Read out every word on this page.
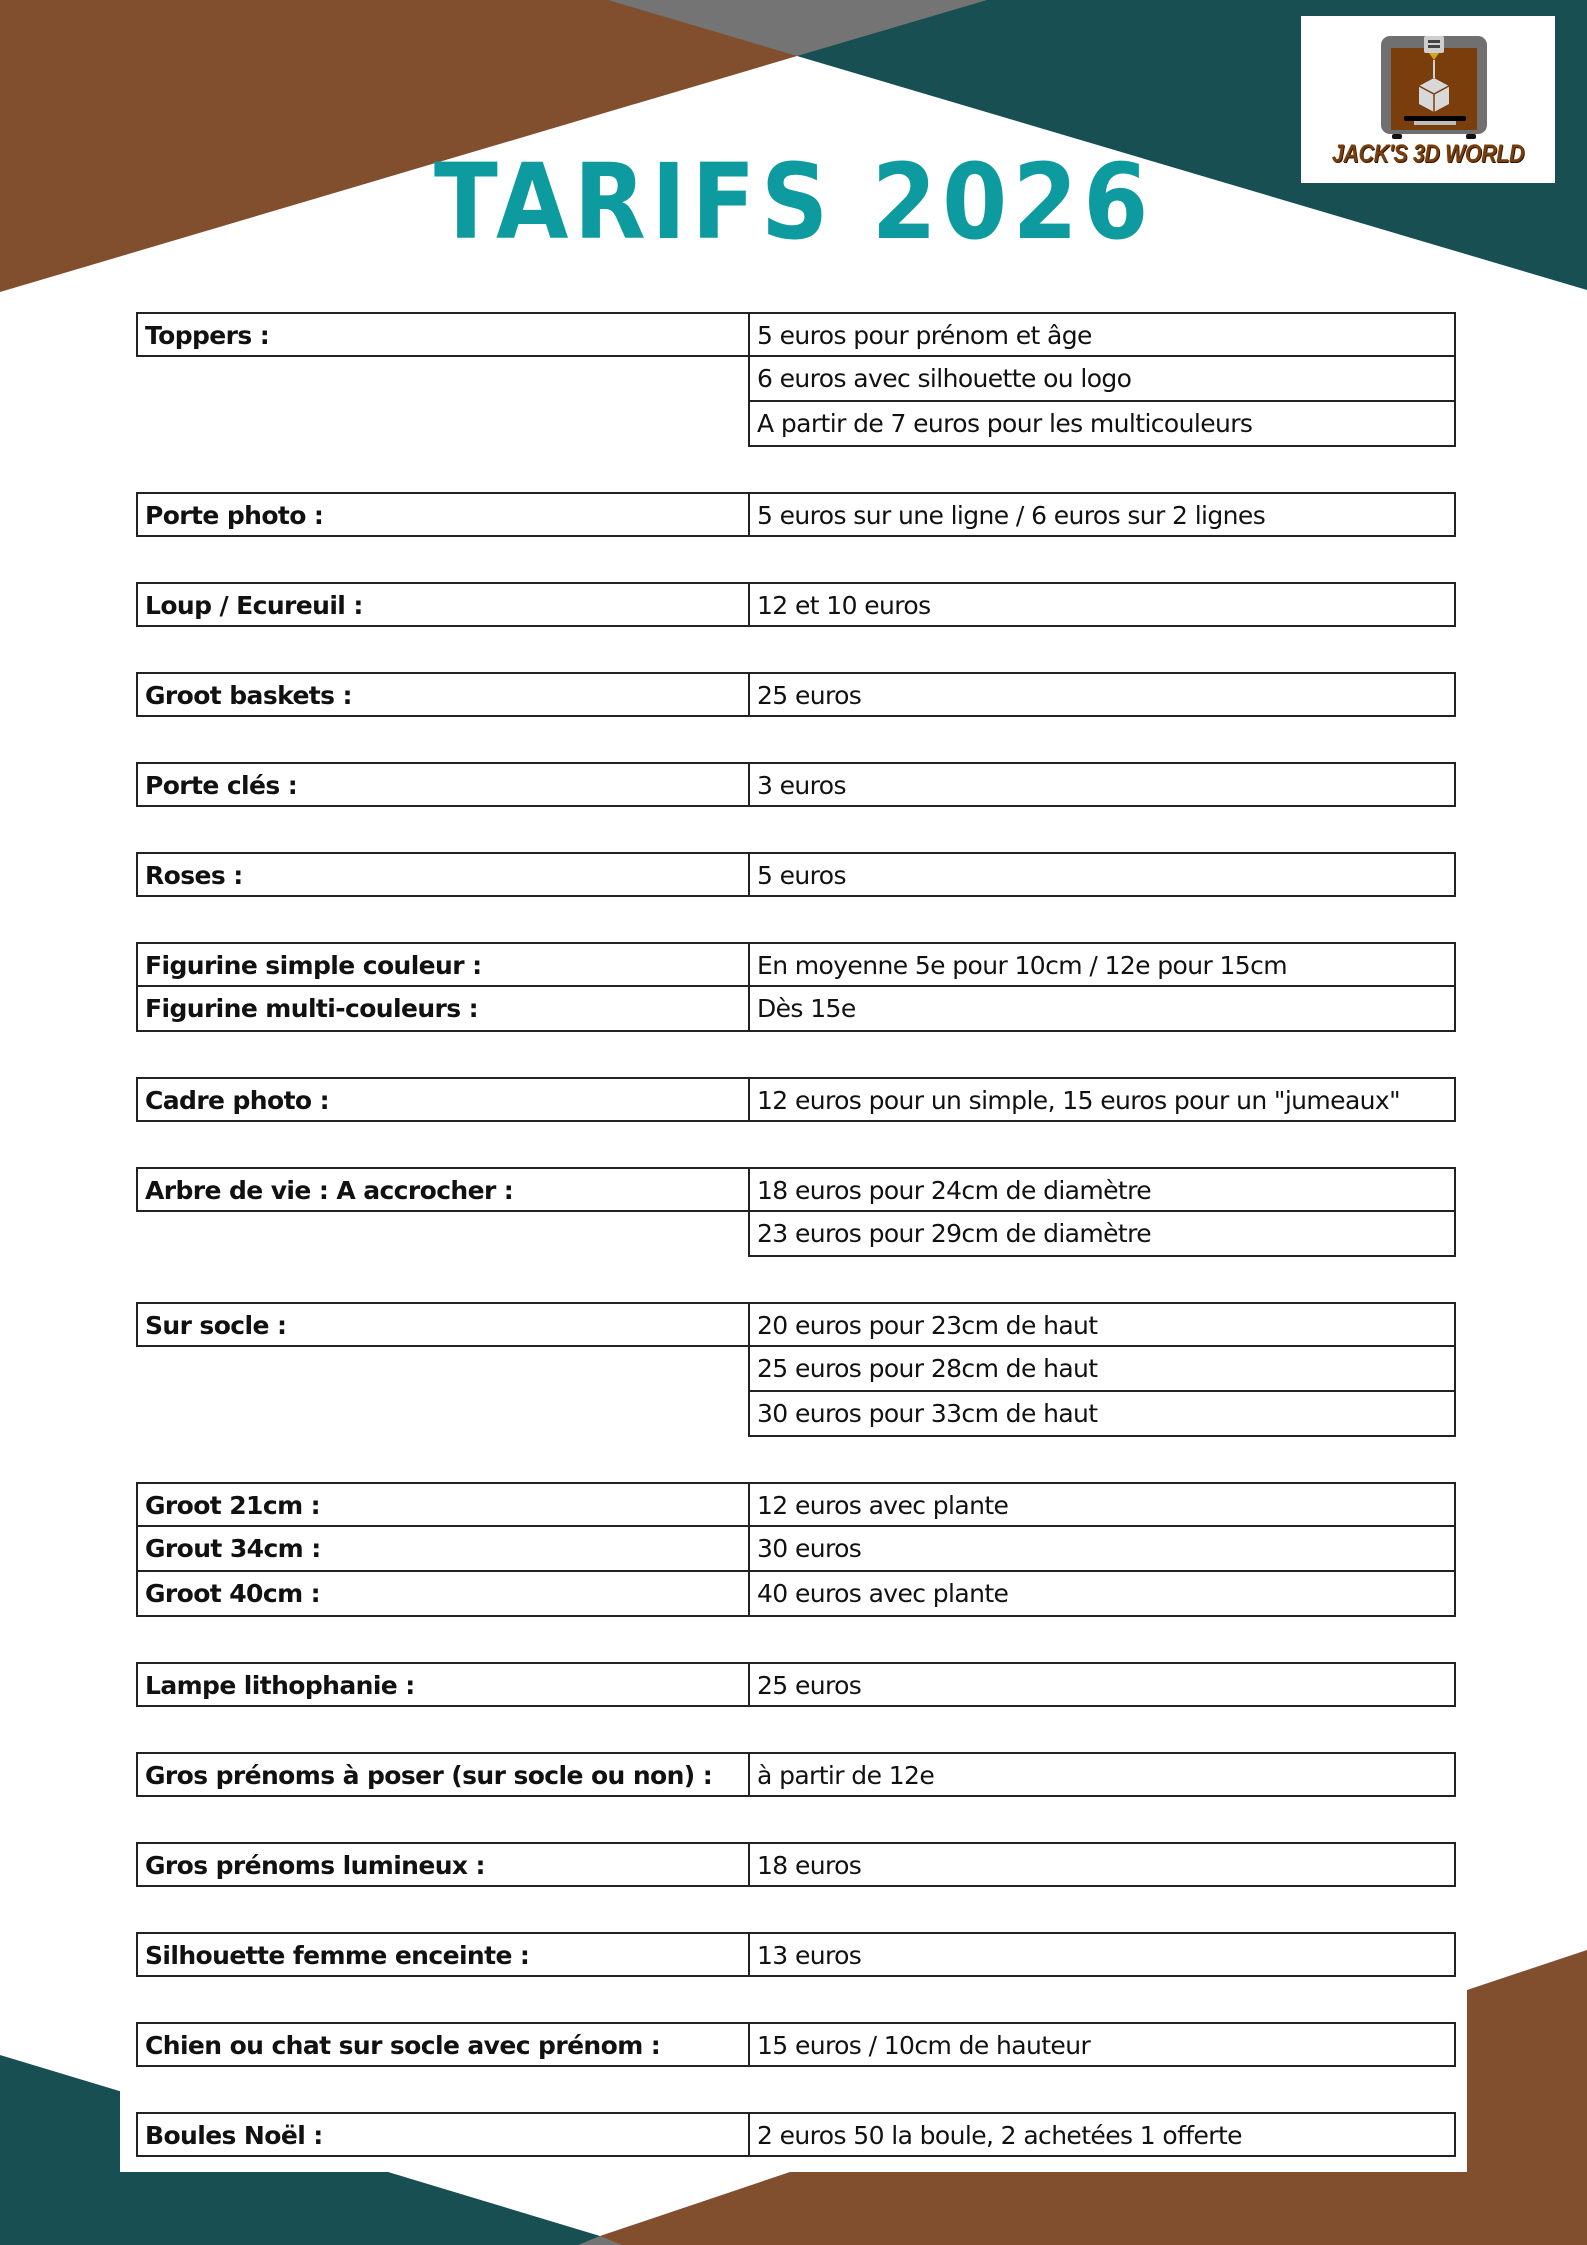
JACK'S 3D WORLD
TARIFS 2026
Toppers :	5 euros pour prénom et âge
6 euros avec silhouette ou logo
A partir de 7 euros pour les multicouleurs
Porte photo :	5 euros sur une ligne / 6 euros sur 2 lignes
Loup / Ecureuil :	12 et 10 euros
Groot baskets :	25 euros
Porte clés :	3 euros
Roses :	5 euros
Figurine simple couleur :	En moyenne 5e pour 10cm / 12e pour 15cm
Figurine multi-couleurs :	Dès 15e
Cadre photo :	12 euros pour un simple, 15 euros pour un "jumeaux"
Arbre de vie : A accrocher :	18 euros pour 24cm de diamètre
23 euros pour 29cm de diamètre
Sur socle :	20 euros pour 23cm de haut
25 euros pour 28cm de haut
30 euros pour 33cm de haut
Groot 21cm :	12 euros avec plante
Grout 34cm :	30 euros
Groot 40cm :	40 euros avec plante
Lampe lithophanie :	25 euros
Gros prénoms à poser (sur socle ou non) :	à partir de 12e
Gros prénoms lumineux :	18 euros
Silhouette femme enceinte :	13 euros
Chien ou chat sur socle avec prénom :	15 euros / 10cm de hauteur
Boules Noël :	2 euros 50 la boule, 2 achetées 1 offerte
